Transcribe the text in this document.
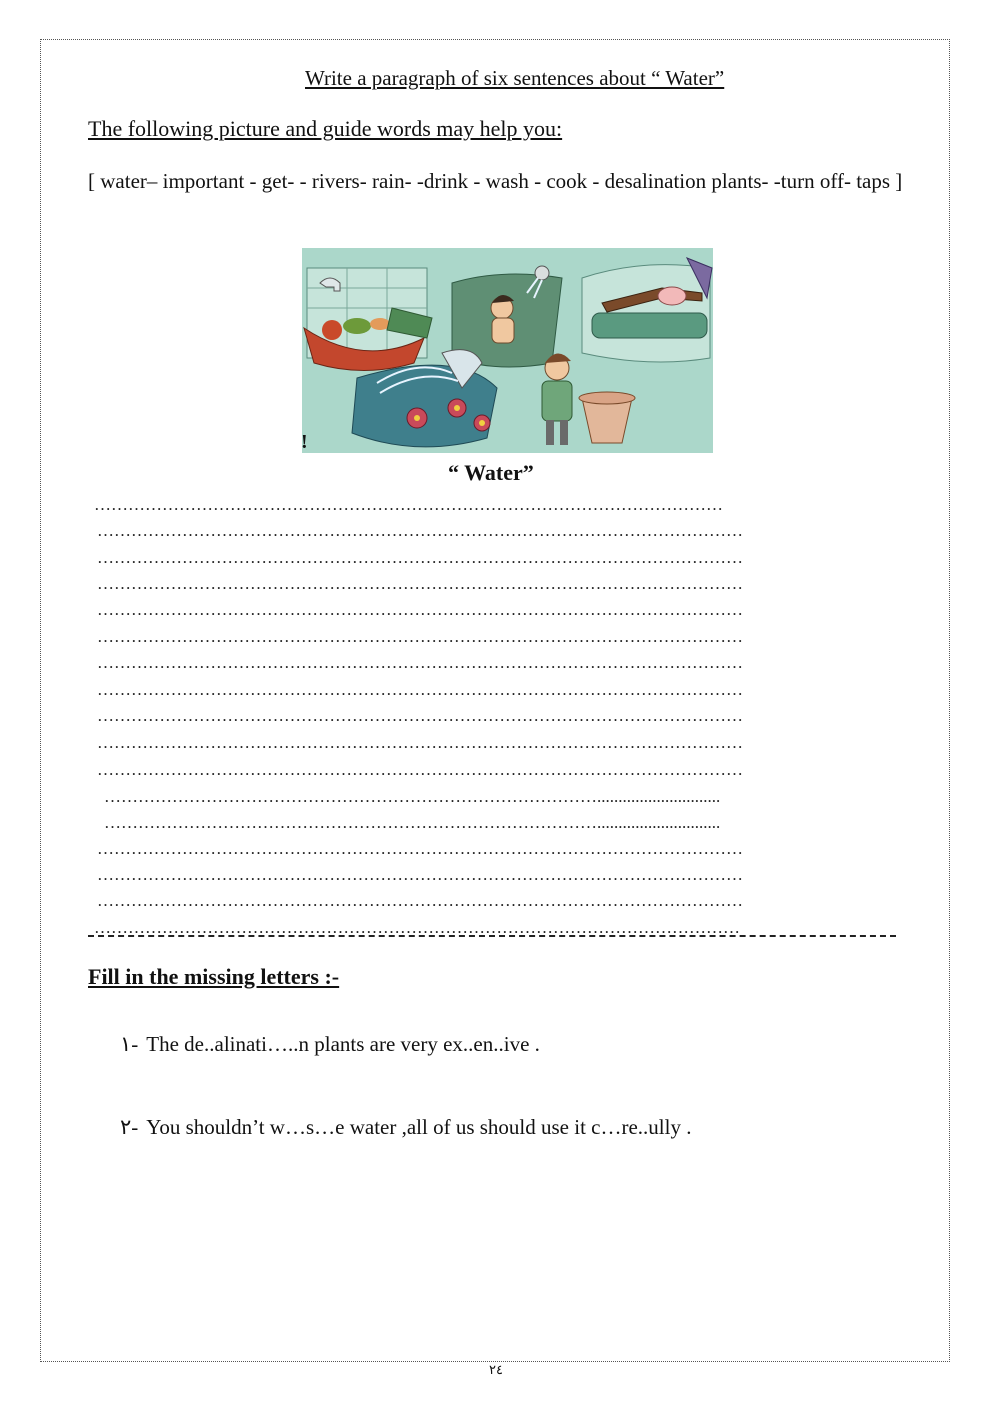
Write a paragraph of six sentences about “ Water”
The following picture and guide words may help you:
[ water– important - get- - rivers- rain- -drink - wash - cook - desalination plants- -turn off- taps ]
!
“ Water”
…………………………………………………………………………………………………
……………………………………………………………………………………………………
……………………………………………………………………………………………………
……………………………………………………………………………………………………
……………………………………………………………………………………………………
……………………………………………………………………………………………………
……………………………………………………………………………………………………
……………………………………………………………………………………………………
……………………………………………………………………………………………………
……………………………………………………………………………………………………
……………………………………………………………………………………………………
…………………………………………………………………………….............................
…………………………………………………………………………….............................
……………………………………………………………………………………………………
……………………………………………………………………………………………………
……………………………………………………………………………………………………
……………………………………………………………………………………………………
Fill in the missing letters :-
١- The de..alinati…..n plants are very ex..en..ive .
٢- You shouldn’t w…s…e water ,all of us should use it c…re..ully .
٢٤
